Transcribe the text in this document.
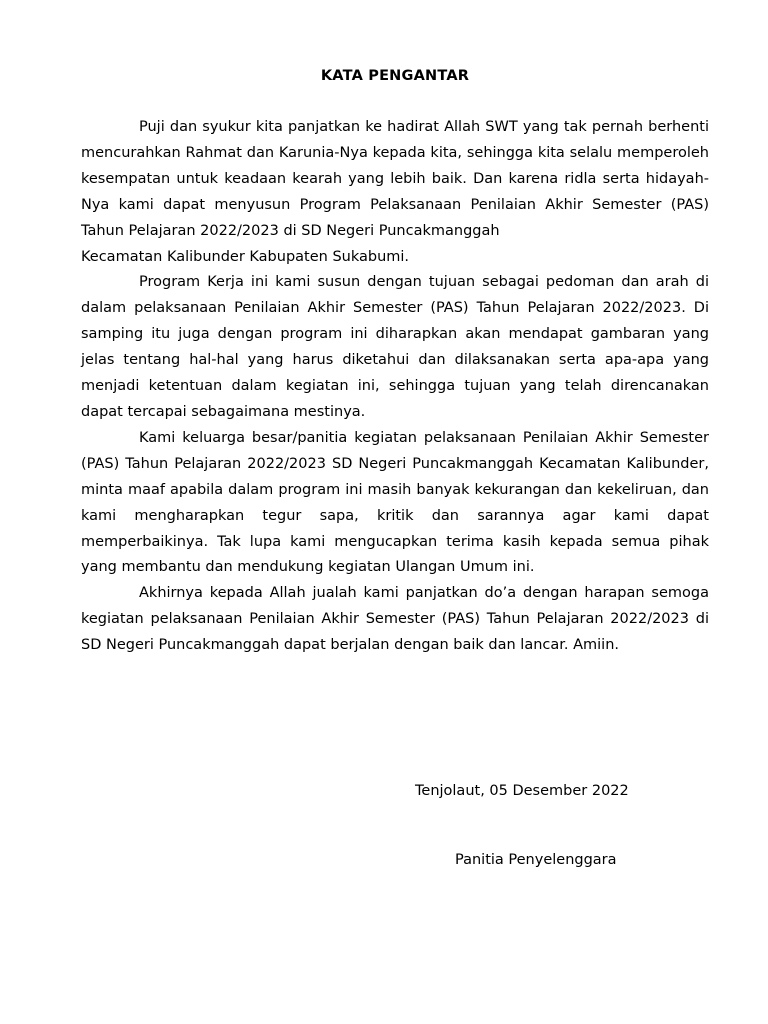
KATA PENGANTAR

Puji dan syukur kita panjatkan ke hadirat Allah SWT yang tak pernah berhenti mencurahkan Rahmat dan Karunia-Nya kepada kita, sehingga kita selalu memperoleh kesempatan untuk keadaan kearah yang lebih baik. Dan karena ridla serta hidayah-Nya kami dapat menyusun Program Pelaksanaan Penilaian Akhir Semester (PAS) Tahun Pelajaran 2022/2023 di SD Negeri Puncakmanggah

Kecamatan Kalibunder Kabupaten Sukabumi.

Program Kerja ini kami susun dengan tujuan sebagai pedoman dan arah di dalam pelaksanaan Penilaian Akhir Semester (PAS) Tahun Pelajaran 2022/2023. Di samping itu juga dengan program ini diharapkan akan mendapat gambaran yang jelas tentang hal-hal yang harus diketahui dan dilaksanakan serta apa-apa yang menjadi ketentuan dalam kegiatan ini, sehingga tujuan yang telah direncanakan dapat tercapai sebagaimana mestinya.

Kami keluarga besar/panitia kegiatan pelaksanaan Penilaian Akhir Semester (PAS) Tahun Pelajaran 2022/2023 SD Negeri Puncakmanggah Kecamatan Kalibunder, minta maaf apabila dalam program ini masih banyak kekurangan dan kekeliruan, dan kami mengharapkan tegur sapa, kritik dan sarannya agar kami dapat memperbaikinya. Tak lupa kami mengucapkan terima kasih kepada semua pihak yang membantu dan mendukung kegiatan Ulangan Umum ini.

Akhirnya kepada Allah jualah kami panjatkan do’a dengan harapan semoga kegiatan pelaksanaan Penilaian Akhir Semester (PAS) Tahun Pelajaran 2022/2023 di SD Negeri Puncakmanggah dapat berjalan dengan baik dan lancar. Amiin.

Tenjolaut, 05 Desember 2022
Panitia Penyelenggara
